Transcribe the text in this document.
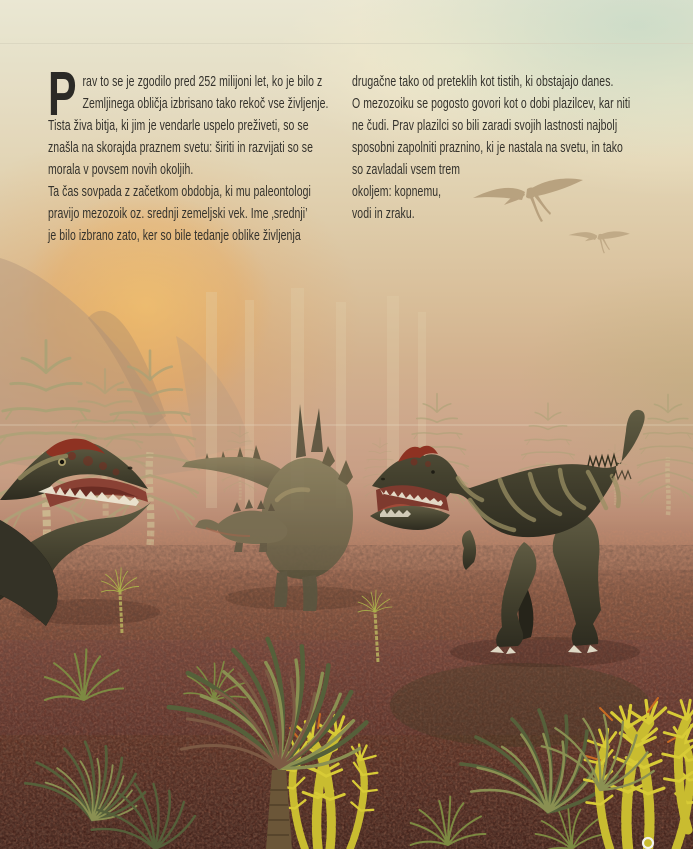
P rav to se je zgodilo pred 252 milijoni let, ko je bilo z
Zemljinega obličja izbrisano tako rekoč vse življenje.
Tista živa bitja, ki jim je vendarle uspelo preživeti, so se
znašla na skorajda praznem svetu: širiti in razvijati so se
morala v povsem novih okoljih.
Ta čas sovpada z začetkom obdobja, ki mu paleontologi
pravijo mezozoik oz. srednji zemeljski vek. Ime ‚srednji’
je bilo izbrano zato, ker so bile tedanje oblike življenja
drugačne tako od preteklih kot tistih, ki obstajajo danes.
O mezozoiku se pogosto govori kot o dobi plazilcev, kar niti
ne čudi. Prav plazilci so bili zaradi svojih lastnosti najbolj
sposobni zapolniti praznino, ki je nastala na svetu, in tako
so zavladali vsem trem
okoljem: kopnemu,
vodi in zraku.
